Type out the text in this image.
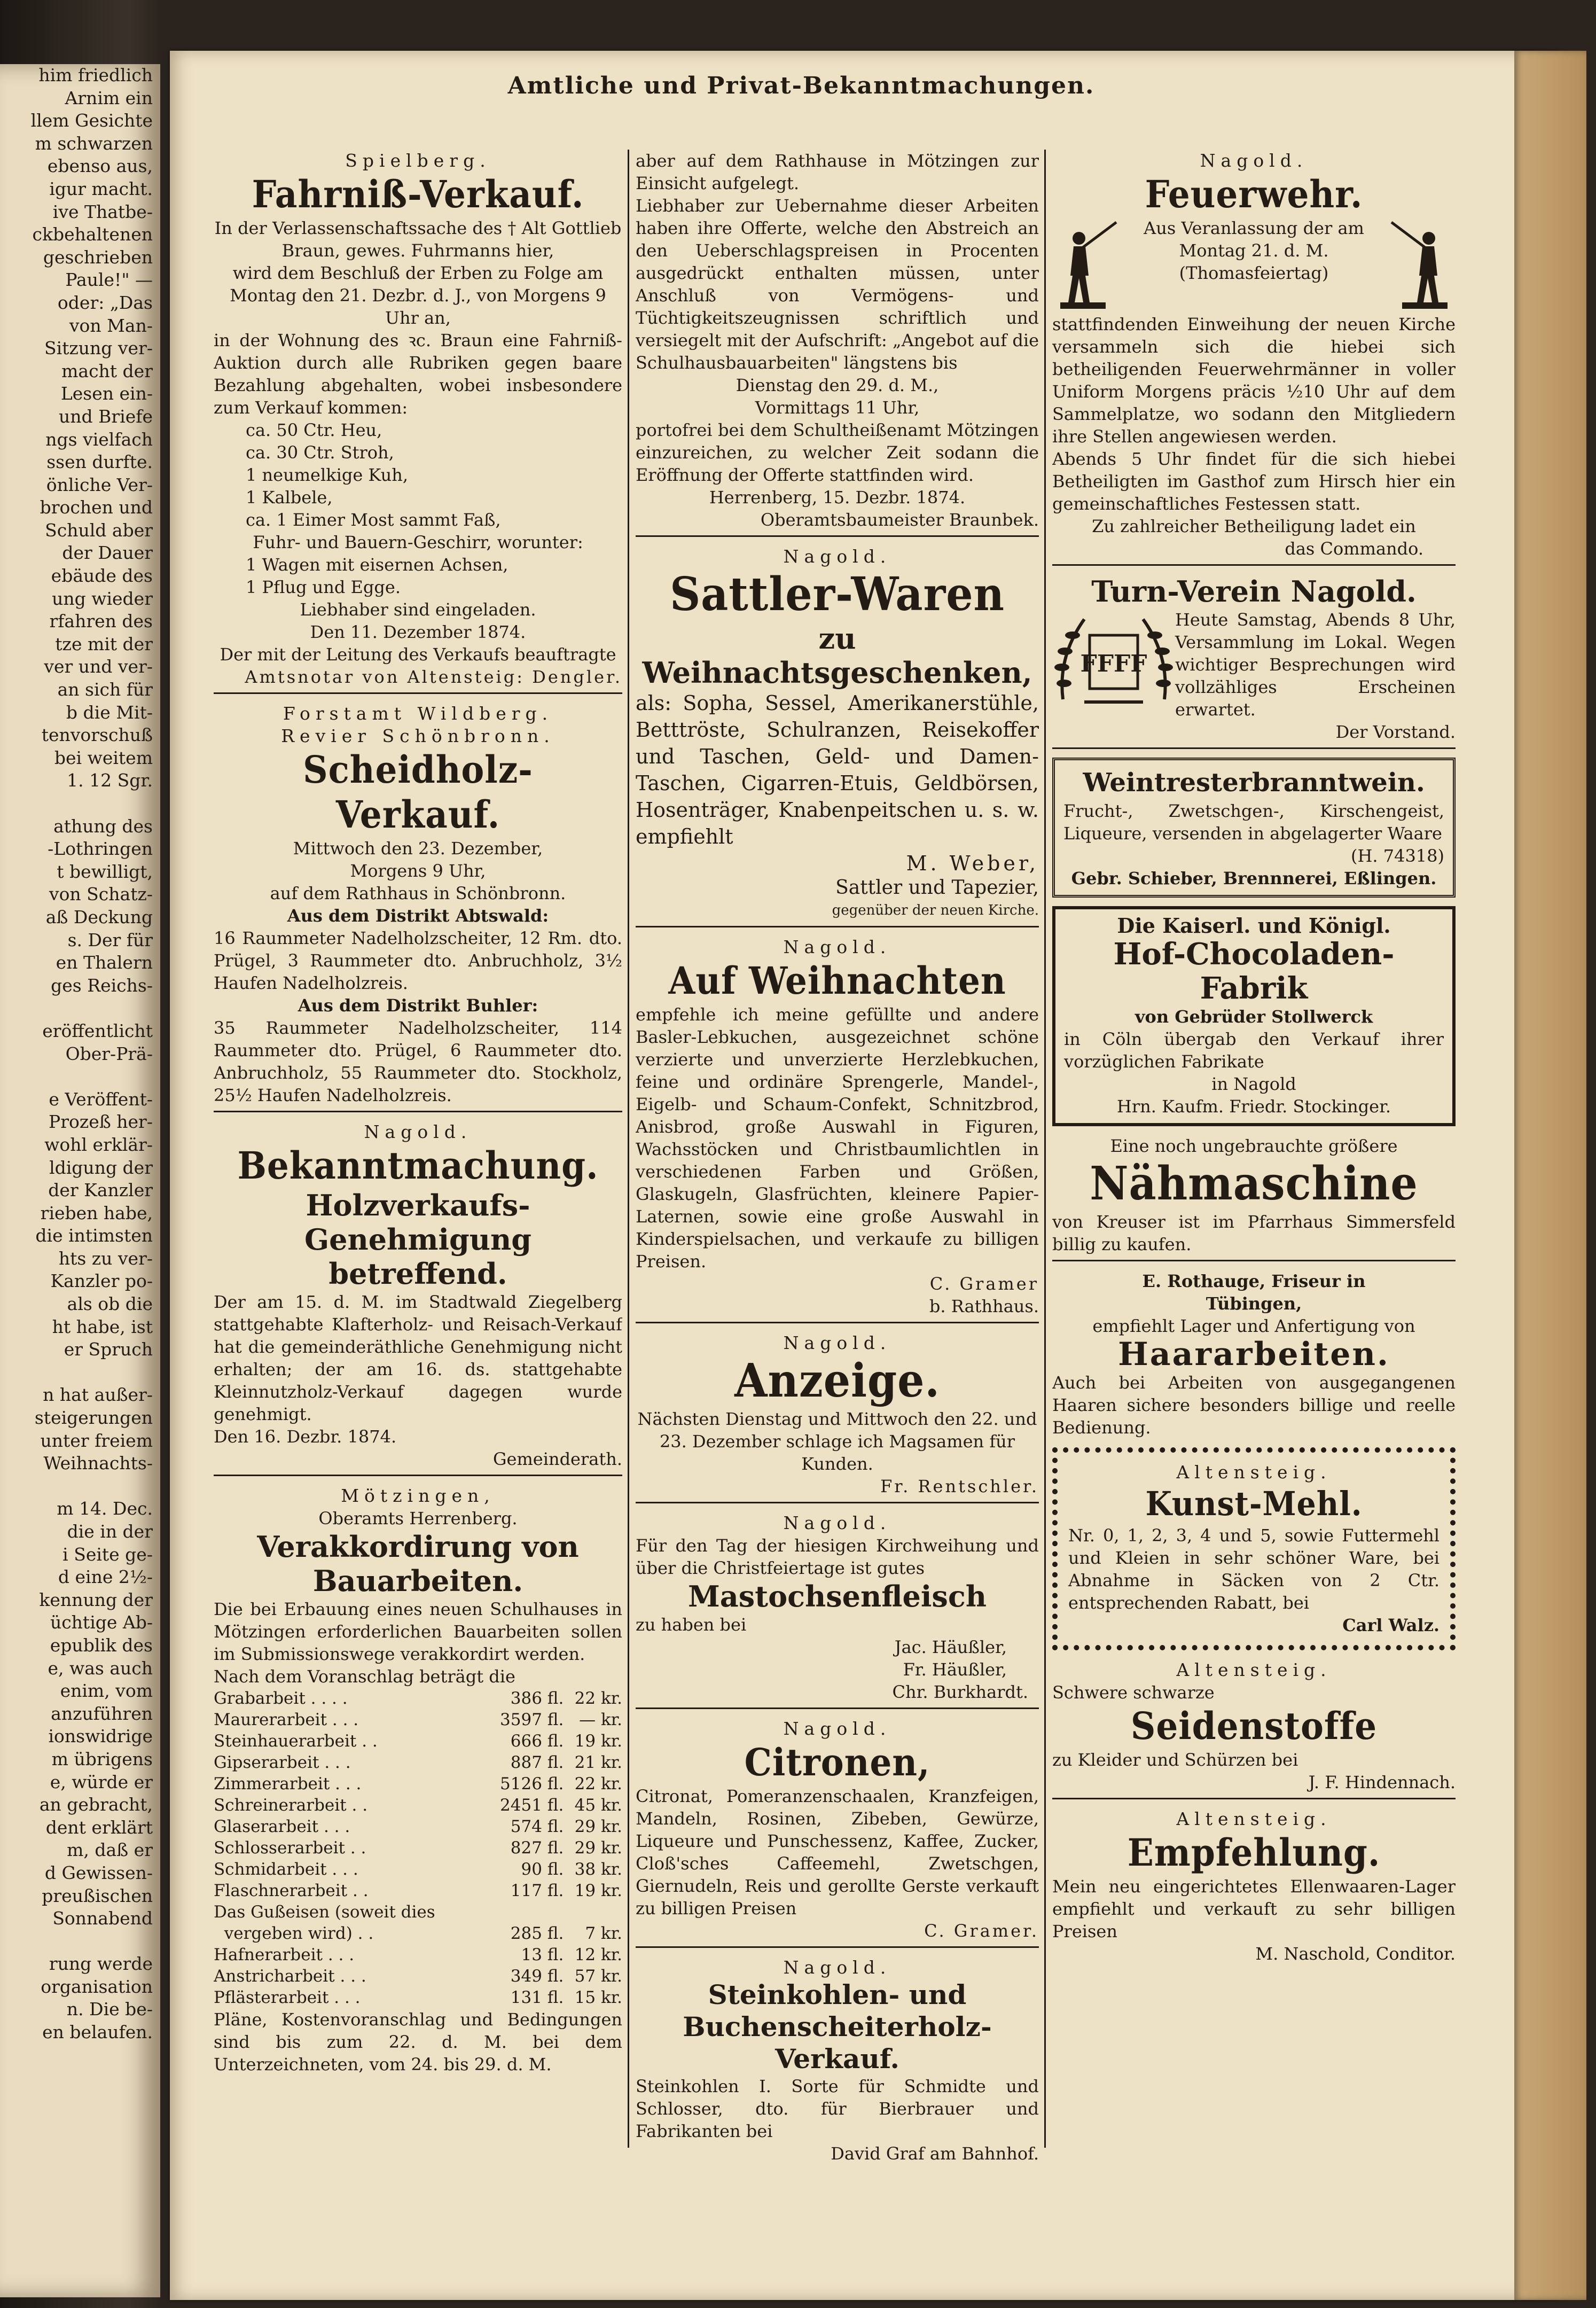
him friedlich
Arnim ein
llem Gesichte
m schwarzen
ebenso aus,
igur macht.
ive Thatbe-
ckbehaltenen
geschrieben
Paule!" —
oder: „Das
von Man-
Sitzung ver-
macht der
Lesen ein-
und Briefe
ngs vielfach
ssen durfte.
önliche Ver-
brochen und
Schuld aber
der Dauer
ebäude des
ung wieder
rfahren des
tze mit der
ver und ver-
an sich für
b die Mit-
tenvorschuß
bei weitem
1. 12 Sgr.
athung des
-Lothringen
t bewilligt,
von Schatz-
aß Deckung
s. Der für
en Thalern
ges Reichs-
eröffentlicht
Ober-Prä-
e Veröffent-
Prozeß her-
wohl erklär-
ldigung der
der Kanzler
rieben habe,
die intimsten
hts zu ver-
Kanzler po-
als ob die
ht habe, ist
er Spruch
n hat außer-
steigerungen
unter freiem
Weihnachts-
m 14. Dec.
die in der
i Seite ge-
d eine 2½-
kennung der
üchtige Ab-
epublik des
e, was auch
enim, vom
anzuführen
ionswidrige
m übrigens
e, würde er
an gebracht,
dent erklärt
m, daß er
d Gewissen-
preußischen
Sonnabend
rung werde
organisation
n. Die be-
en belaufen.
Amtliche und Privat-Bekanntmachungen.
Spielberg.
Fahrniß-Verkauf.
In der Verlassenschaftssache des † Alt Gottlieb Braun, gewes. Fuhrmanns hier,
wird dem Beschluß der Erben zu Folge am Montag den 21. Dezbr. d. J., von Morgens 9 Uhr an,
in der Wohnung des ꝛc. Braun eine Fahrniß-Auktion durch alle Rubriken gegen baare Bezahlung abgehalten, wobei insbesondere zum Verkauf kommen:
ca. 50 Ctr. Heu,
ca. 30 Ctr. Stroh,
1 neumelkige Kuh,
1 Kalbele,
ca. 1 Eimer Most sammt Faß,
Fuhr- und Bauern-Geschirr, worunter:
1 Wagen mit eisernen Achsen,
1 Pflug und Egge.
Liebhaber sind eingeladen.
Den 11. Dezember 1874.
Der mit der Leitung des Verkaufs beauftragte
Amtsnotar von Altensteig: Dengler.
Forstamt Wildberg.
Revier Schönbronn.
Scheidholz-Verkauf.
Mittwoch den 23. Dezember,
Morgens 9 Uhr,
auf dem Rathhaus in Schönbronn.
Aus dem Distrikt Abtswald:
16 Raummeter Nadelholzscheiter, 12 Rm. dto. Prügel, 3 Raummeter dto. Anbruchholz, 3½ Haufen Nadelholzreis.
Aus dem Distrikt Buhler:
35 Raummeter Nadelholzscheiter, 114 Raummeter dto. Prügel, 6 Raummeter dto. Anbruchholz, 55 Raummeter dto. Stockholz, 25½ Haufen Nadelholzreis.
Nagold.
Bekanntmachung.
Holzverkaufs-Genehmigung betreffend.
Der am 15. d. M. im Stadtwald Ziegelberg stattgehabte Klafterholz- und Reisach-Verkauf hat die gemeinderäthliche Genehmigung nicht erhalten; der am 16. ds. stattgehabte Kleinnutzholz-Verkauf dagegen wurde genehmigt.
Den 16. Dezbr. 1874.
Gemeinderath.
Mötzingen,
Oberamts Herrenberg.
Verakkordirung von Bauarbeiten.
Die bei Erbauung eines neuen Schulhauses in Mötzingen erforderlichen Bauarbeiten sollen im Submissionswege verakkordirt werden.
Nach dem Voranschlag beträgt die
Grabarbeit . . . .	386 fl.	22 kr.
Maurerarbeit . . .	3597 fl.	— kr.
Steinhauerarbeit . .	666 fl.	19 kr.
Gipserarbeit . . .	887 fl.	21 kr.
Zimmerarbeit . . .	5126 fl.	22 kr.
Schreinerarbeit . .	2451 fl.	45 kr.
Glaserarbeit . . .	574 fl.	29 kr.
Schlosserarbeit . .	827 fl.	29 kr.
Schmidarbeit . . .	90 fl.	38 kr.
Flaschnerarbeit . .	117 fl.	19 kr.
Das Gußeisen (soweit dies		
vergeben wird) . .	285 fl.	7 kr.
Hafnerarbeit . . .	13 fl.	12 kr.
Anstricharbeit . . .	349 fl.	57 kr.
Pflästerarbeit . . .	131 fl.	15 kr.
Pläne, Kostenvoranschlag und Bedingungen sind bis zum 22. d. M. bei dem Unterzeichneten, vom 24. bis 29. d. M.
aber auf dem Rathhause in Mötzingen zur Einsicht aufgelegt.
Liebhaber zur Uebernahme dieser Arbeiten haben ihre Offerte, welche den Abstreich an den Ueberschlagspreisen in Procenten ausgedrückt enthalten müssen, unter Anschluß von Vermögens- und Tüchtigkeitszeugnissen schriftlich und versiegelt mit der Aufschrift: „Angebot auf die Schulhausbauarbeiten" längstens bis
Dienstag den 29. d. M.,
Vormittags 11 Uhr,
portofrei bei dem Schultheißenamt Mötzingen einzureichen, zu welcher Zeit sodann die Eröffnung der Offerte stattfinden wird.
Herrenberg, 15. Dezbr. 1874.
Oberamtsbaumeister Braunbek.
Nagold.
Sattler-Waren
zu Weihnachtsgeschenken,
als: Sopha, Sessel, Amerikanerstühle, Betttröste, Schulranzen, Reisekoffer und Taschen, Geld- und Damen-Taschen, Cigarren-Etuis, Geldbörsen, Hosenträger, Knabenpeitschen u. s. w. empfiehlt
M. Weber,
Sattler und Tapezier,
gegenüber der neuen Kirche.
Nagold.
Auf Weihnachten
empfehle ich meine gefüllte und andere Basler-Lebkuchen, ausgezeichnet schöne verzierte und unverzierte Herzlebkuchen, feine und ordinäre Sprengerle, Mandel-, Eigelb- und Schaum-Confekt, Schnitzbrod, Anisbrod, große Auswahl in Figuren, Wachsstöcken und Christbaumlichtlen in verschiedenen Farben und Größen, Glaskugeln, Glasfrüchten, kleinere Papier-Laternen, sowie eine große Auswahl in Kinderspielsachen, und verkaufe zu billigen Preisen.
C. Gramer
b. Rathhaus.
Nagold.
Anzeige.
Nächsten Dienstag und Mittwoch den 22. und 23. Dezember schlage ich Magsamen für Kunden.
Fr. Rentschler.
Nagold.
Für den Tag der hiesigen Kirchweihung und über die Christfeiertage ist gutes
Mastochsenfleisch
zu haben bei
Jac. Häußler,
Fr. Häußler,
Chr. Burkhardt.
Nagold.
Citronen,
Citronat, Pomeranzenschaalen, Kranzfeigen, Mandeln, Rosinen, Zibeben, Gewürze, Liqueure und Punschessenz, Kaffee, Zucker, Cloß'sches Caffeemehl, Zwetschgen, Giernudeln, Reis und gerollte Gerste verkauft zu billigen Preisen
C. Gramer.
Nagold.
Steinkohlen- und Buchenscheiterholz-Verkauf.
Steinkohlen I. Sorte für Schmidte und Schlosser, dto. für Bierbrauer und Fabrikanten bei
David Graf am Bahnhof.
Nagold.
Feuerwehr.
Aus Veranlassung der am Montag 21. d. M. (Thomasfeiertag)
stattfindenden Einweihung der neuen Kirche versammeln sich die hiebei sich betheiligenden Feuerwehrmänner in voller Uniform Morgens präcis ½10 Uhr auf dem Sammelplatze, wo sodann den Mitgliedern ihre Stellen angewiesen werden.
Abends 5 Uhr findet für die sich hiebei Betheiligten im Gasthof zum Hirsch hier ein gemeinschaftliches Festessen statt.
Zu zahlreicher Betheiligung ladet ein
das Commando.
Turn-Verein Nagold.
FFFF
Heute Samstag, Abends 8 Uhr, Versammlung im Lokal. Wegen wichtiger Besprechungen wird vollzähliges Erscheinen erwartet.
Der Vorstand.
Weintresterbranntwein.
Frucht-, Zwetschgen-, Kirschengeist, Liqueure, versenden in abgelagerter Waare
(H. 74318)
Gebr. Schieber, Brennnerei, Eßlingen.
Die Kaiserl. und Königl.
Hof-Chocoladen-Fabrik
von Gebrüder Stollwerck
in Cöln übergab den Verkauf ihrer vorzüglichen Fabrikate
in Nagold
Hrn. Kaufm. Friedr. Stockinger.
Eine noch ungebrauchte größere
Nähmaschine
von Kreuser ist im Pfarrhaus Simmersfeld billig zu kaufen.
E. Rothauge, Friseur in
Tübingen,
empfiehlt Lager und Anfertigung von
Haararbeiten.
Auch bei Arbeiten von ausgegangenen Haaren sichere besonders billige und reelle Bedienung.
Altensteig.
Kunst-Mehl.
Nr. 0, 1, 2, 3, 4 und 5, sowie Futtermehl und Kleien in sehr schöner Ware, bei Abnahme in Säcken von 2 Ctr. entsprechenden Rabatt, bei
Carl Walz.
Altensteig.
Schwere schwarze
Seidenstoffe
zu Kleider und Schürzen bei
J. F. Hindennach.
Altensteig.
Empfehlung.
Mein neu eingerichtetes Ellenwaaren-Lager empfiehlt und verkauft zu sehr billigen Preisen
M. Naschold, Conditor.
